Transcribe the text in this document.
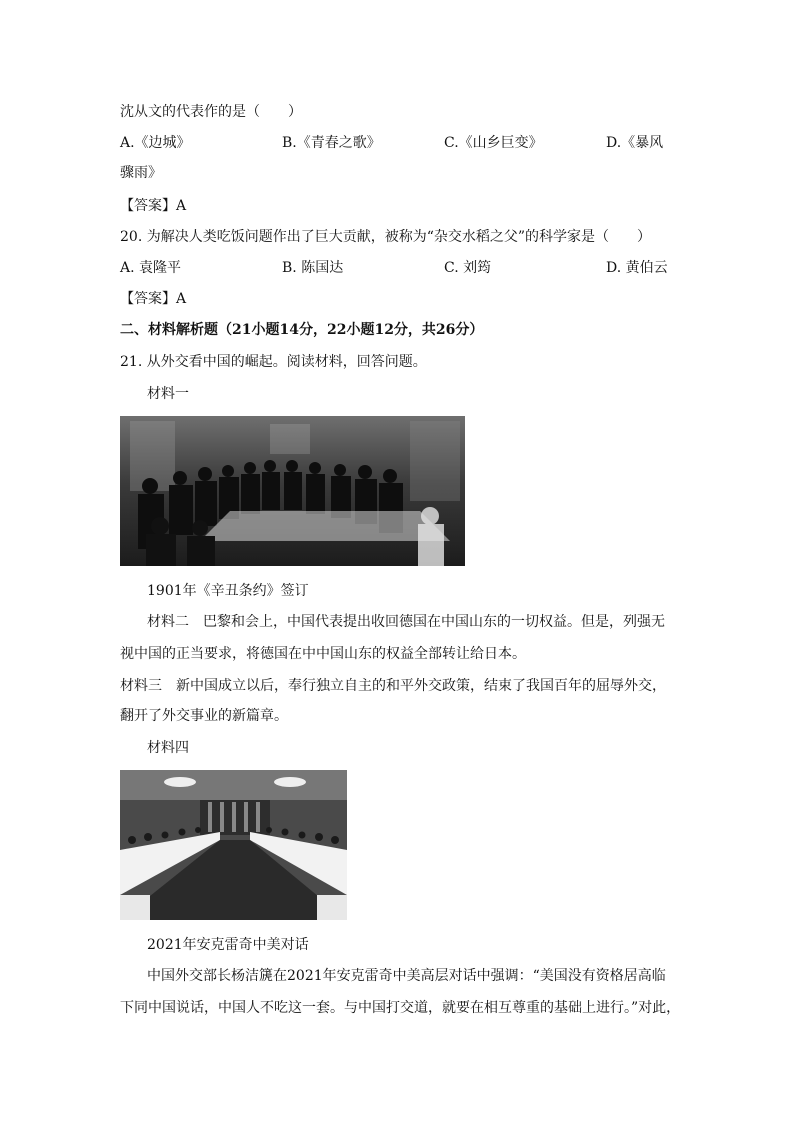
沈从文的代表作的是（　　）
A.《边城》	B.《青春之歌》	C.《山乡巨变》	D.《暴风
骤雨》
【答案】A
20. 为解决人类吃饭问题作出了巨大贡献，被称为“杂交水稻之父”的科学家是（　　）
A. 袁隆平	B. 陈国达	C. 刘筠	D. 黄伯云
【答案】A
二、材料解析题（21小题14分，22小题12分，共26分）
21. 从外交看中国的崛起。阅读材料，回答问题。
材料一
1901年《辛丑条约》签订
材料二　巴黎和会上，中国代表提出收回德国在中国山东的一切权益。但是，列强无
视中国的正当要求，将德国在中中国山东的权益全部转让给日本。
材料三　新中国成立以后，奉行独立自主的和平外交政策，结束了我国百年的屈辱外交，
翻开了外交事业的新篇章。
材料四
2021年安克雷奇中美对话
中国外交部长杨洁篪在2021年安克雷奇中美高层对话中强调：“美国没有资格居高临
下同中国说话，中国人不吃这一套。与中国打交道，就要在相互尊重的基础上进行。”对此，
